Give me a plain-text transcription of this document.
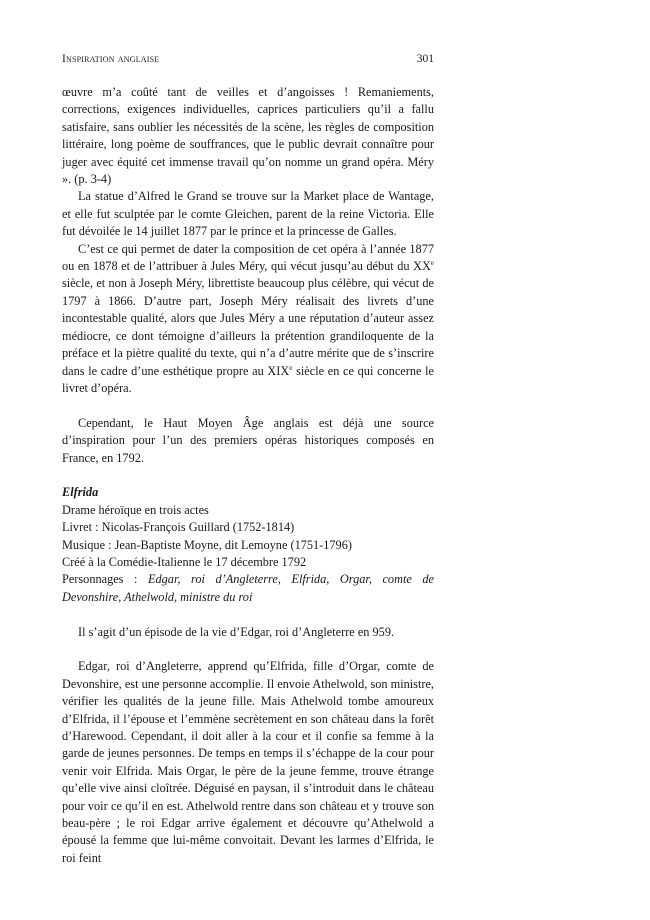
Inspiration anglaise	301

œuvre m’a coûté tant de veilles et d’angoisses ! Remaniements, corrections, exigences individuelles, caprices particuliers qu’il a fallu satisfaire, sans oublier les nécessités de la scène, les règles de composition littéraire, long poème de souffrances, que le public devrait connaître pour juger avec équité cet immense travail qu’on nomme un grand opéra. Méry ». (p. 3-4)

La statue d’Alfred le Grand se trouve sur la Market place de Wantage, et elle fut sculptée par le comte Gleichen, parent de la reine Victoria. Elle fut dévoilée le 14 juillet 1877 par le prince et la princesse de Galles.

C’est ce qui permet de dater la composition de cet opéra à l’année 1877 ou en 1878 et de l’attribuer à Jules Méry, qui vécut jusqu’au début du XXe siècle, et non à Joseph Méry, librettiste beaucoup plus célèbre, qui vécut de 1797 à 1866. D’autre part, Joseph Méry réalisait des livrets d’une incontestable qualité, alors que Jules Méry a une réputation d’auteur assez médiocre, ce dont témoigne d’ailleurs la prétention grandiloquente de la préface et la piètre qualité du texte, qui n’a d’autre mérite que de s’inscrire dans le cadre d’une esthétique propre au XIXe siècle en ce qui concerne le livret d’opéra.

Cependant, le Haut Moyen Âge anglais est déjà une source d’inspiration pour l’un des premiers opéras historiques composés en France, en 1792.

Elfrida

Drame héroïque en trois actes

Livret : Nicolas-François Guillard (1752-1814)

Musique : Jean-Baptiste Moyne, dit Lemoyne (1751-1796)

Créé à la Comédie-Italienne le 17 décembre 1792

Personnages : Edgar, roi d’Angleterre, Elfrida, Orgar, comte de Devonshire, Athelwold, ministre du roi

Il s’agit d’un épisode de la vie d’Edgar, roi d’Angleterre en 959.

Edgar, roi d’Angleterre, apprend qu’Elfrida, fille d’Orgar, comte de Devonshire, est une personne accomplie. Il envoie Athelwold, son ministre, vérifier les qualités de la jeune fille. Mais Athelwold tombe amoureux d’Elfrida, il l’épouse et l’emmène secrètement en son château dans la forêt d’Harewood. Cependant, il doit aller à la cour et il confie sa femme à la garde de jeunes personnes. De temps en temps il s’échappe de la cour pour venir voir Elfrida. Mais Orgar, le père de la jeune femme, trouve étrange qu’elle vive ainsi cloîtrée. Déguisé en paysan, il s’introduit dans le château pour voir ce qu’il en est. Athelwold rentre dans son château et y trouve son beau-père ; le roi Edgar arrive également et découvre qu’Athelwold a épousé la femme que lui-même convoitait. Devant les larmes d’Elfrida, le roi feint
